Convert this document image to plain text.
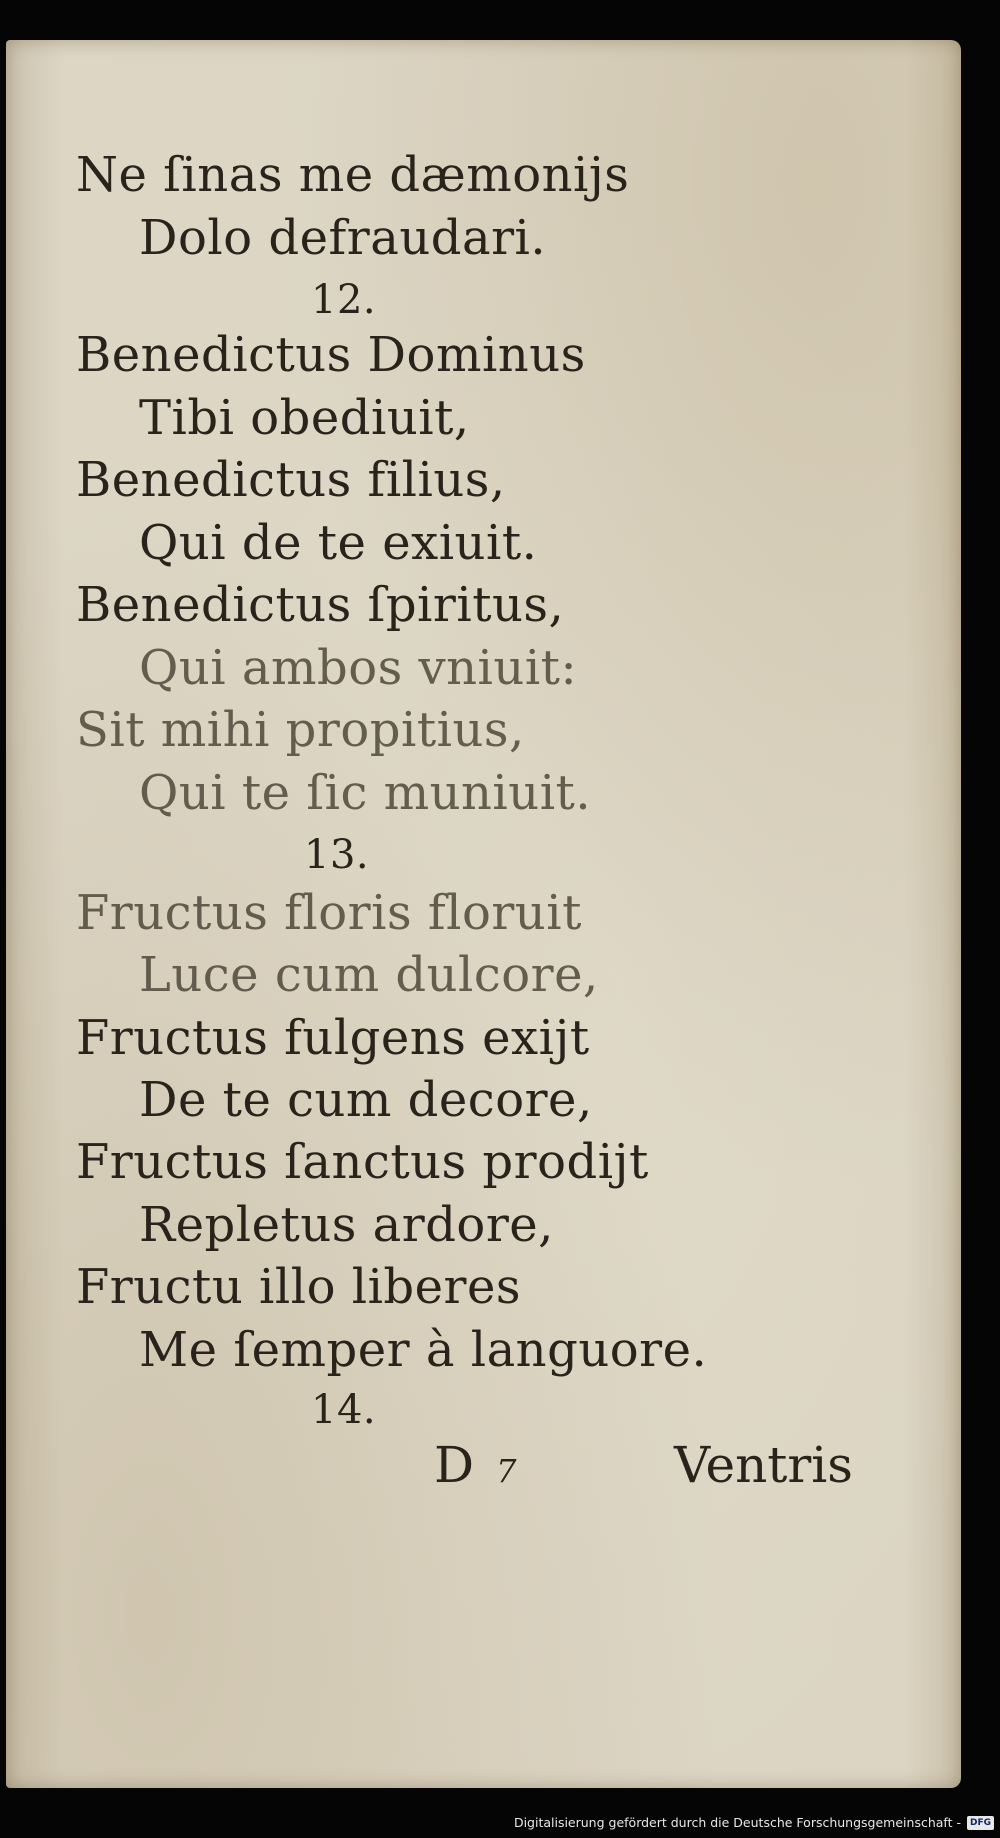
Ne ſinas me dæmonijs
Dolo defraudari.
12.
Benedictus Dominus
Tibi obediuit,
Benedictus filius,
Qui de te exiuit.
Benedictus ſpiritus,
Qui ambos vniuit:
Sit mihi propitius,
Qui te ſic muniuit.
13.
Fructus floris floruit
Luce cum dulcore,
Fructus fulgens exijt
De te cum decore,
Fructus ſanctus prodijt
Repletus ardore,
Fructu illo liberes
Me ſemper à languore.
14.
D 7	Ventris
Digitalisierung gefördert durch die Deutsche Forschungsgemeinschaft -	DFG
